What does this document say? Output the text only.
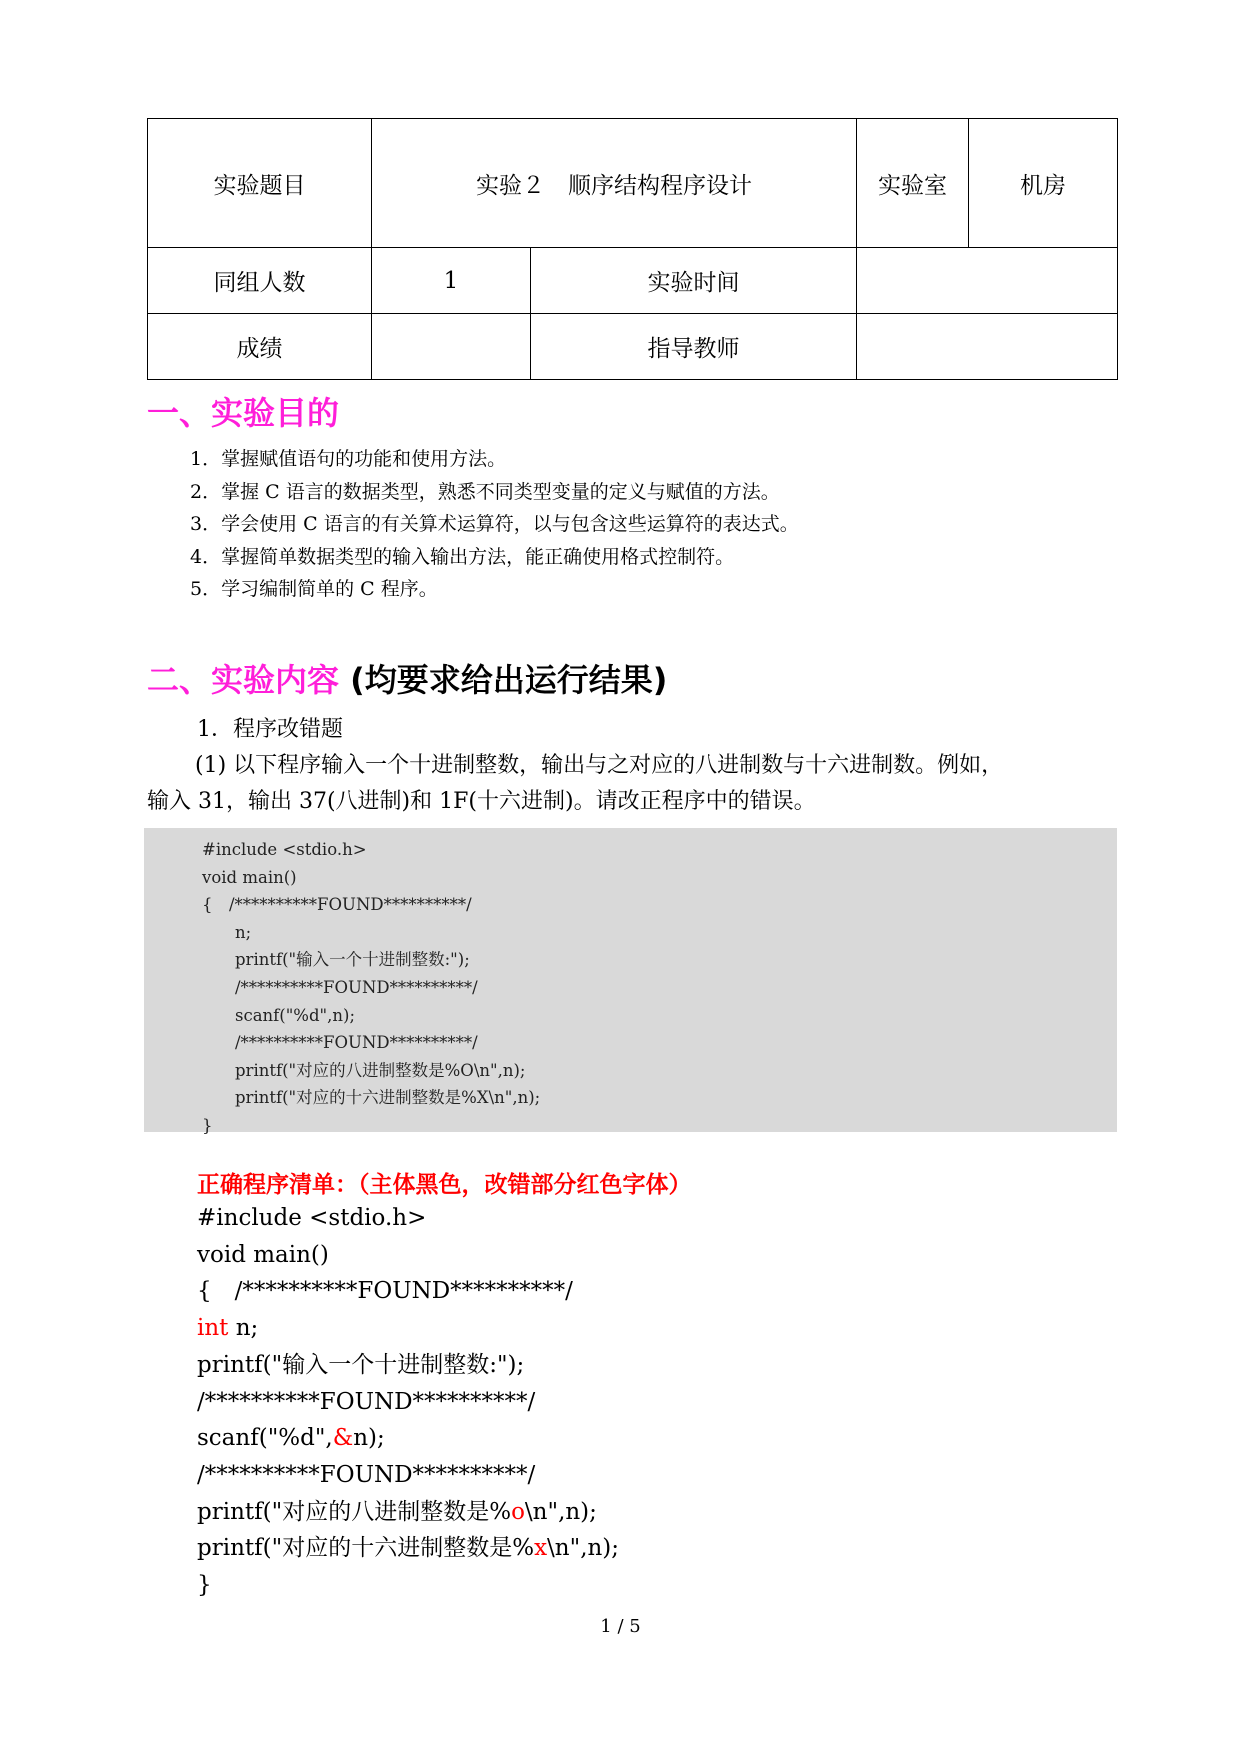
实验题目	实验２　顺序结构程序设计		实验室	机房
同组人数	1	实验时间		
成绩		指导教师		
一、实验目的
1．掌握赋值语句的功能和使用方法。
2．掌握 C 语言的数据类型，熟悉不同类型变量的定义与赋值的方法。
3．学会使用 C 语言的有关算术运算符，以与包含这些运算符的表达式。
4．掌握简单数据类型的输入输出方法，能正确使用格式控制符。
5．学习编制简单的 C 程序。
二、实验内容 (均要求给出运行结果)
1．程序改错题
(1) 以下程序输入一个十进制整数，输出与之对应的八进制数与十六进制数。例如，
输入 31，输出 37(八进制)和 1F(十六进制)。请改正程序中的错误。
#include <stdio.h>
void main()
{　/**********FOUND**********/
　　n;
　　printf("输入一个十进制整数:");
　　/**********FOUND**********/
　　scanf("%d",n);
　　/**********FOUND**********/
　　printf("对应的八进制整数是%O\n",n);
　　printf("对应的十六进制整数是%X\n",n);
}
正确程序清单：（主体黑色，改错部分红色字体）
#include <stdio.h>
void main()
{　/**********FOUND**********/
int n;
printf("输入一个十进制整数:");
/**********FOUND**********/
scanf("%d",&n);
/**********FOUND**********/
printf("对应的八进制整数是%o\n",n);
printf("对应的十六进制整数是%x\n",n);
}
1 / 5
